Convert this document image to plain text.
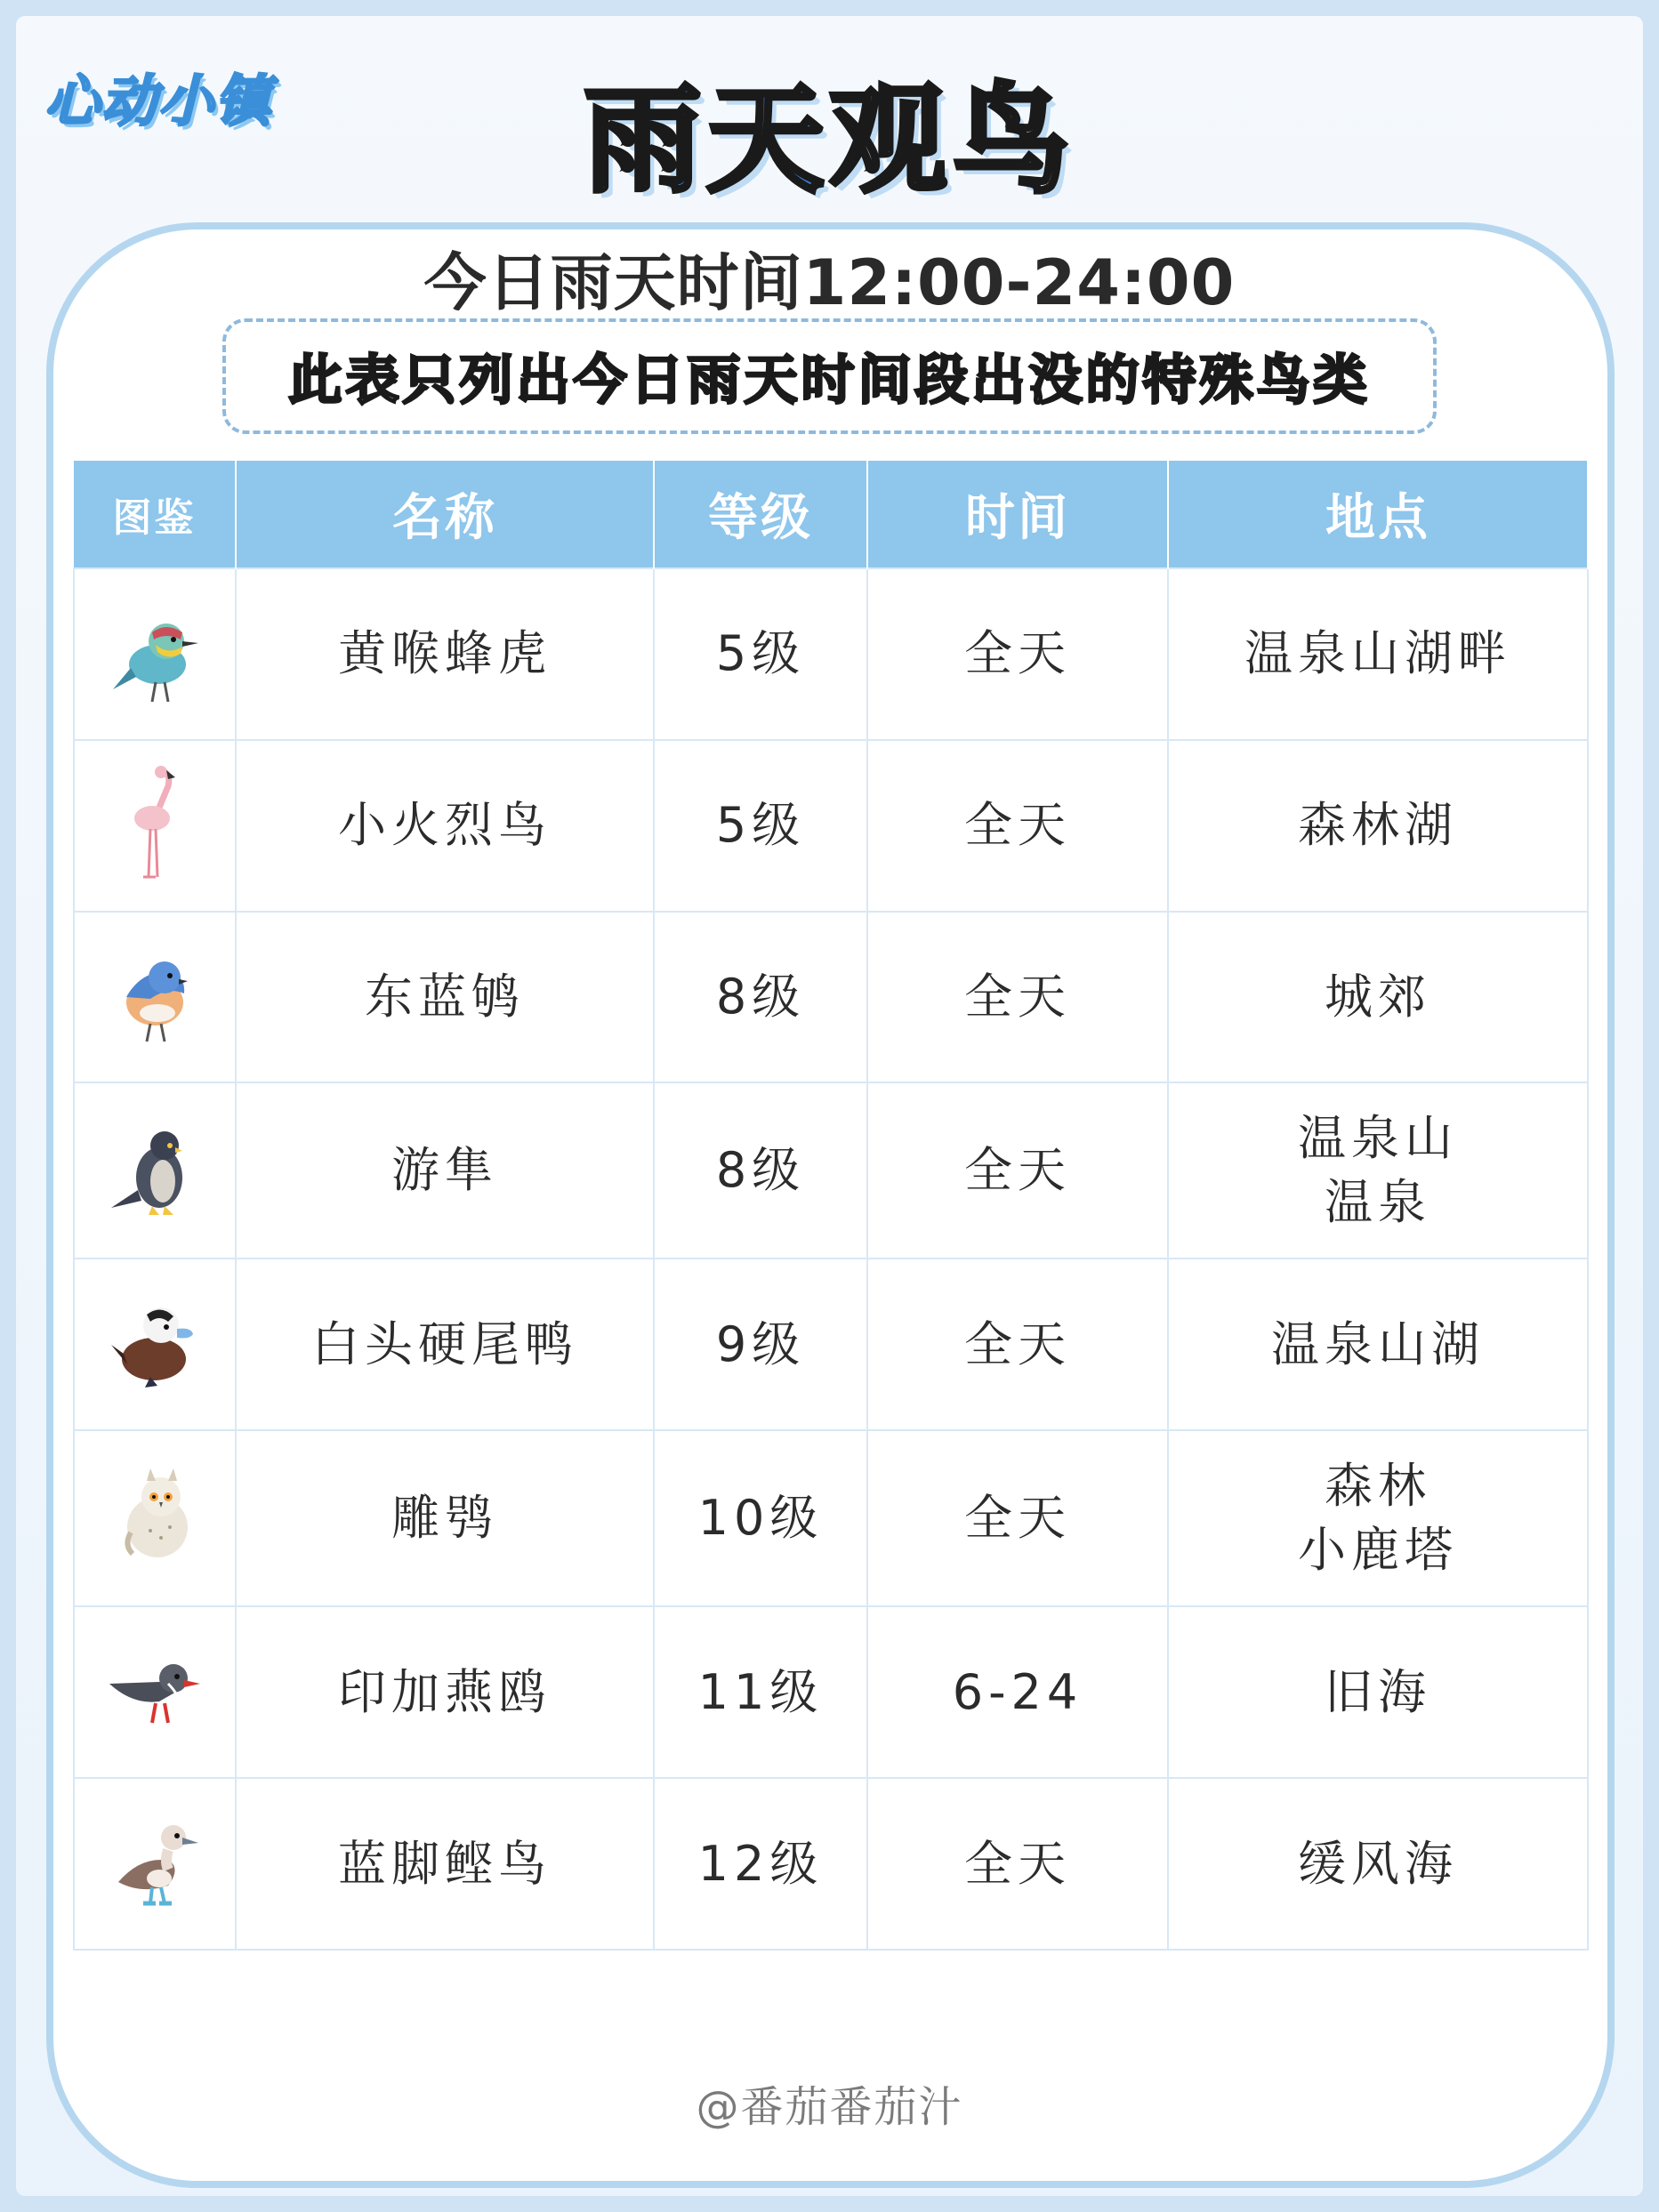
心动小镇	雨天观鸟
今日雨天时间12:00-24:00
此表只列出今日 雨天 时间段出没的 特殊 鸟类
图鉴	名称	等级	时间	地点

	黄喉蜂虎	5级	全天	温泉山湖畔

	小火烈鸟	5级	全天	森林湖

	东蓝鸲	8级	全天	城郊

	游隼	8级	全天	温泉山
温泉

	白头硬尾鸭	9级	全天	温泉山湖

	雕鸮	10级	全天	森林
小鹿塔

	印加燕鸥	11级	6-24	旧海

	蓝脚鲣鸟	12级	全天	缓风海
@番茄番茄汁
